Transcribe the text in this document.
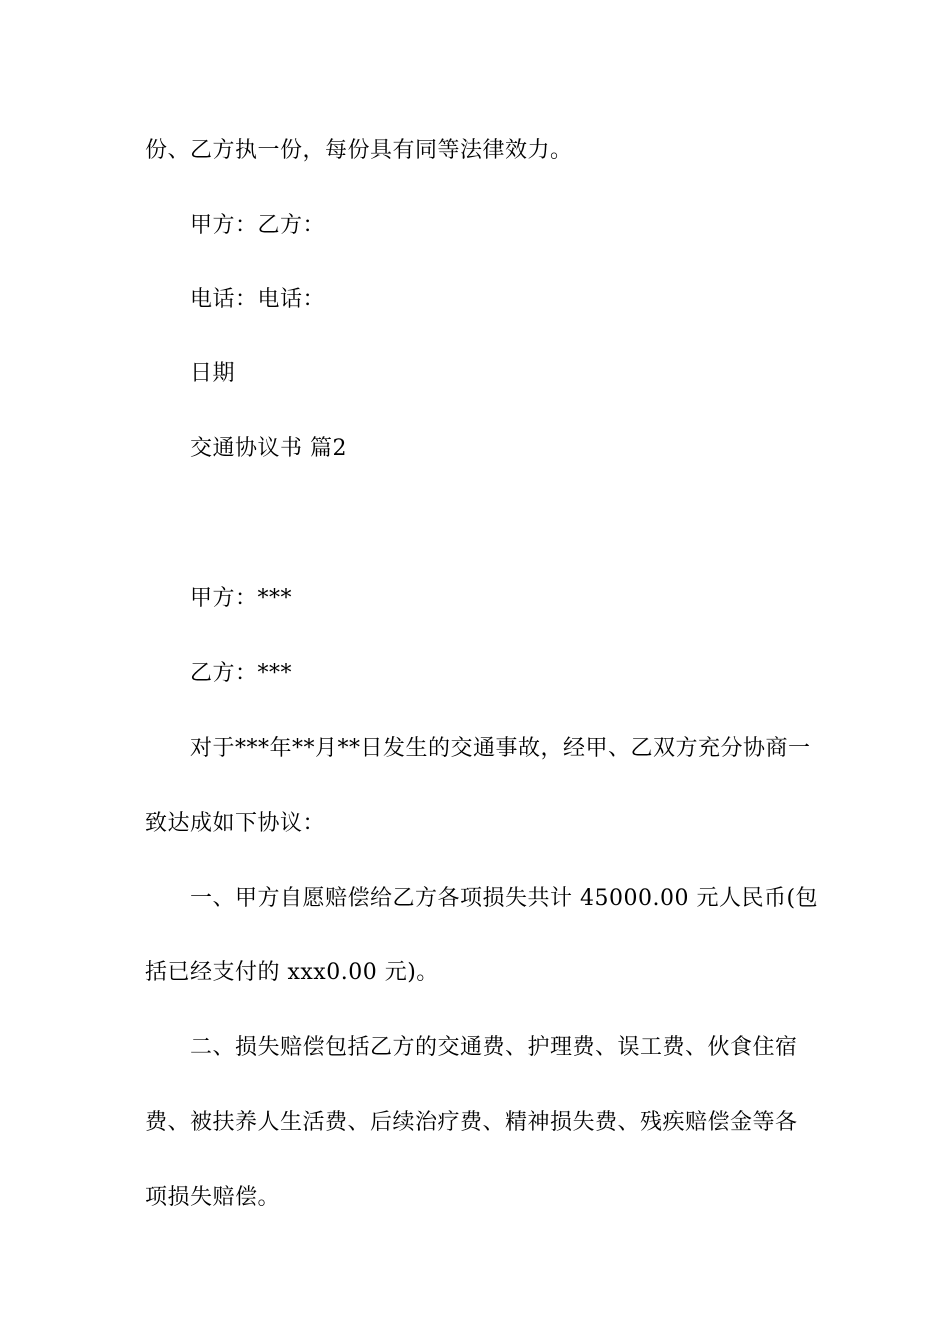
份、乙方执一份，每份具有同等法律效力。
甲方：乙方：
电话：电话：
日期
交通协议书 篇2
甲方：***
乙方：***
对于***年**月**日发生的交通事故，经甲、乙双方充分协商一
致达成如下协议：
一、甲方自愿赔偿给乙方各项损失共计 45000.00 元人民币(包
括已经支付的 xxx0.00 元)。
二、损失赔偿包括乙方的交通费、护理费、误工费、伙食住宿
费、被扶养人生活费、后续治疗费、精神损失费、残疾赔偿金等各
项损失赔偿。
